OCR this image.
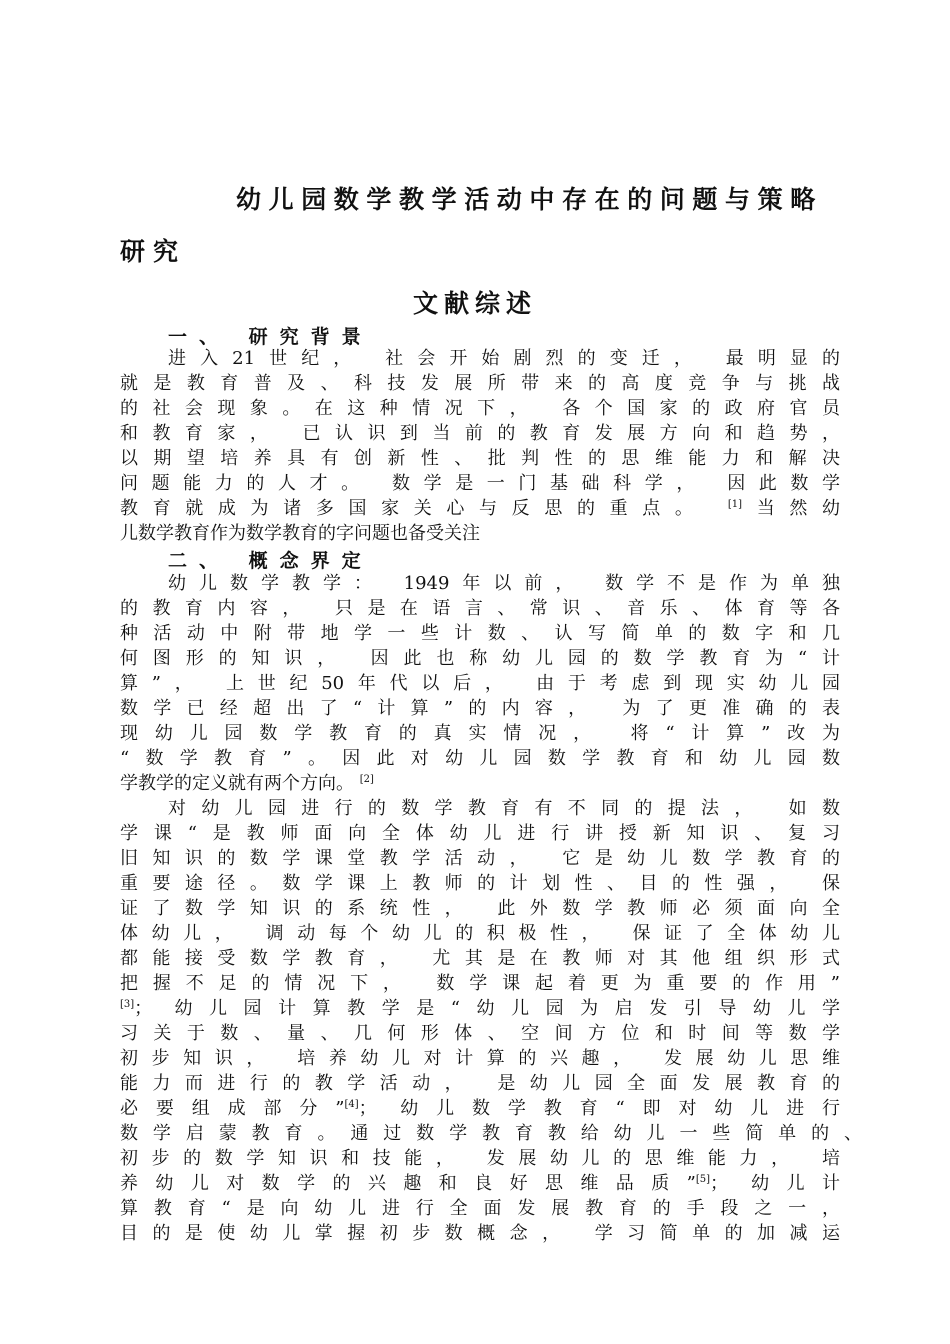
幼儿园数学教学活动中存在的问题与策略
研究
文献综述
一、 研究背景
进入21世纪， 社会开始剧烈的变迁， 最明显的
就是教育普及、科技发展所带来的高度竞争与挑战
的社会现象。在这种情况下， 各个国家的政府官员
和教育家， 已认识到当前的教育发展方向和趋势，
以期望培养具有创新性、批判性的思维能力和解决
问题能力的人才。 数学是一门基础科学， 因此数学
教育就成为诸多国家关心与反思的重点。 [1]当然幼
儿数学教育作为数学教育的字问题也备受关注
二、 概念界定
幼儿数学教学： 1949年以前， 数学不是作为单独
的教育内容， 只是在语言、常识、音乐、体育等各
种活动中附带地学一些计数、认写简单的数字和几
何图形的知识， 因此也称幼儿园的数学教育为“计
算”， 上世纪50年代以后， 由于考虑到现实幼儿园
数学已经超出了“计算”的内容， 为了更准确的表
现幼儿园数学教育的真实情况， 将“计算”改为
“数学教育”。因此对幼儿园数学教育和幼儿园数
学教学的定义就有两个方向。 [2]
对幼儿园进行的数学教育有不同的提法， 如数
学课“是教师面向全体幼儿进行讲授新知识、复习
旧知识的数学课堂教学活动， 它是幼儿数学教育的
重要途径。数学课上教师的计划性、目的性强， 保
证了数学知识的系统性， 此外数学教师必须面向全
体幼儿， 调动每个幼儿的积极性， 保证了全体幼儿
都能接受数学教育， 尤其是在教师对其他组织形式
把握不足的情况下， 数学课起着更为重要的作用”
[3]； 幼儿园计算教学是“幼儿园为启发引导幼儿学
习关于数、量、几何形体、空间方位和时间等数学
初步知识， 培养幼儿对计算的兴趣， 发展幼儿思维
能力而进行的教学活动， 是幼儿园全面发展教育的
必要组成部分”[4]； 幼儿数学教育“即对幼儿进行
数学启蒙教育。通过数学教育教给幼儿一些简单的、
初步的数学知识和技能， 发展幼儿的思维能力， 培
养幼儿对数学的兴趣和良好思维品质”[5]； 幼儿计
算教育“是向幼儿进行全面发展教育的手段之一，
目的是使幼儿掌握初步数概念， 学习简单的加减运
